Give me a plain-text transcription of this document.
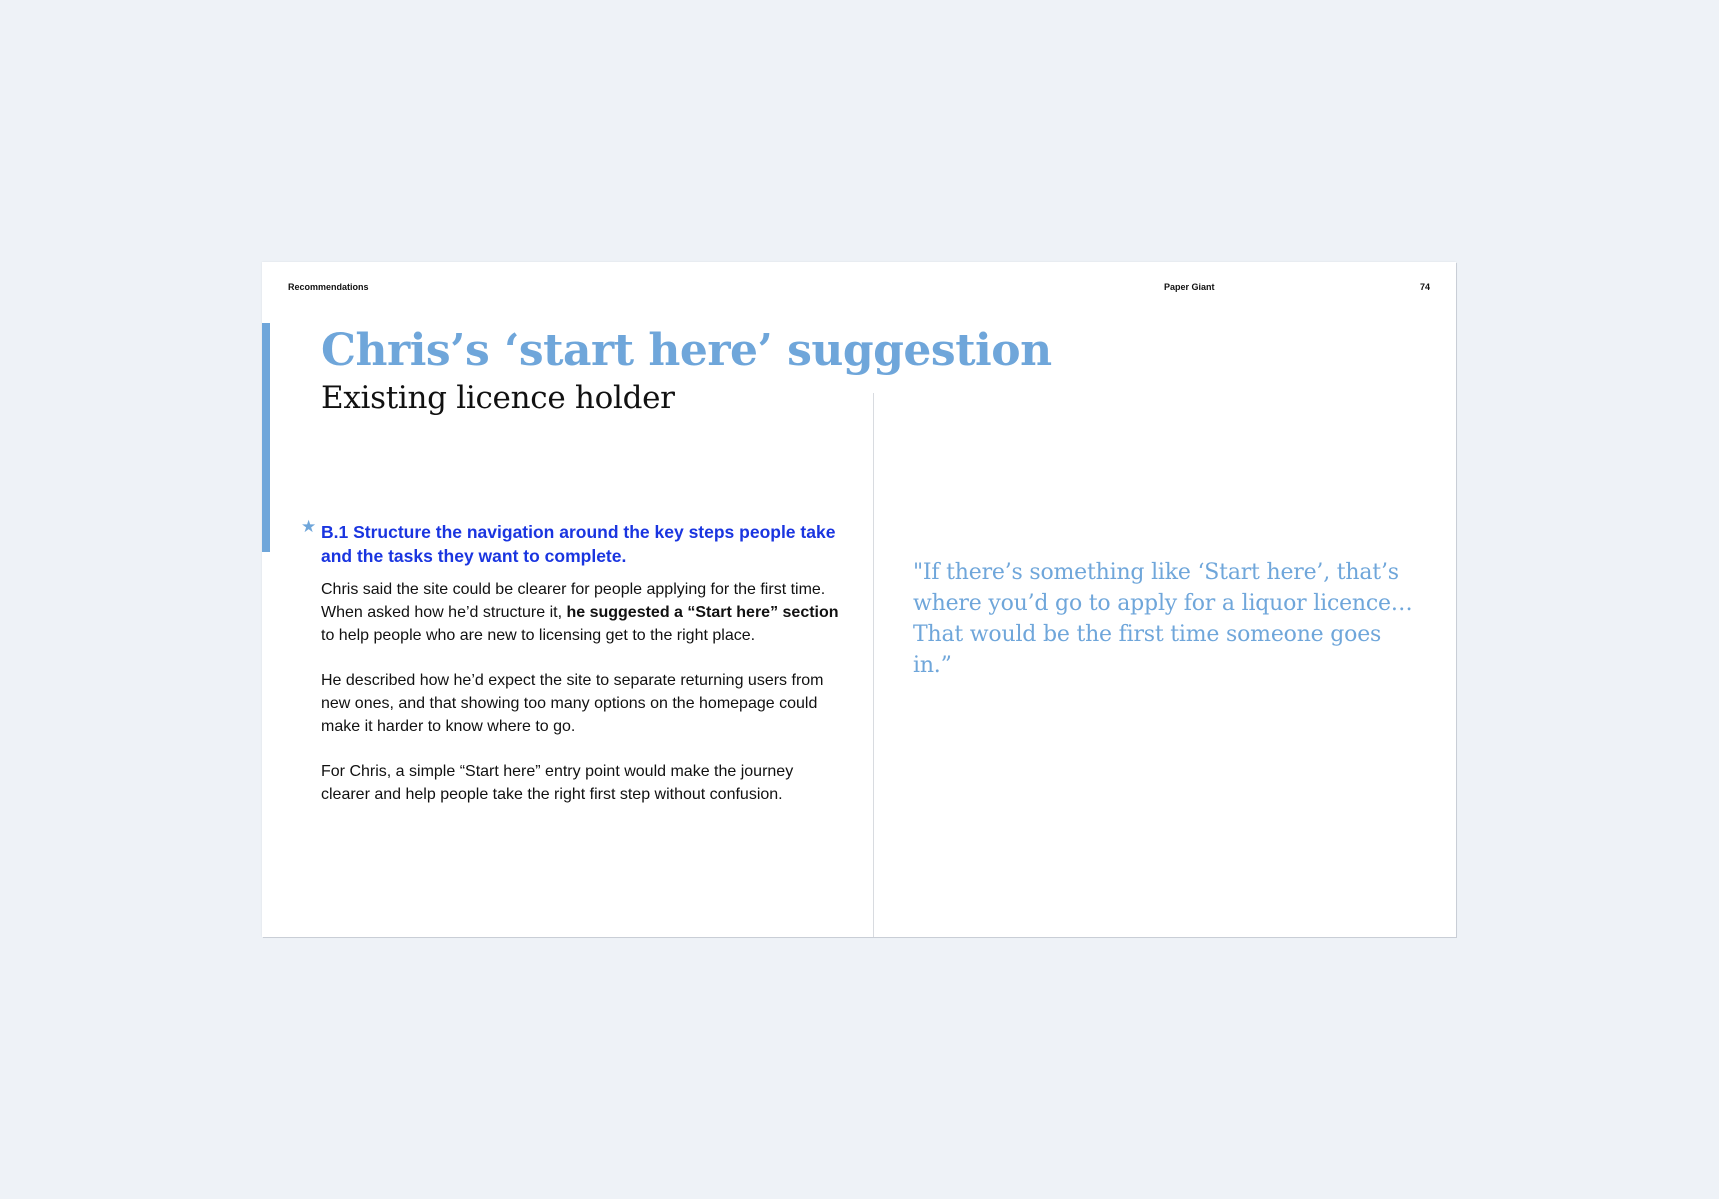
Recommendations	Paper Giant	74
Chris’s ‘start here’ suggestion
Existing licence holder
★ B.1 Structure the navigation around the key steps people take and the tasks they want to complete.

Chris said the site could be clearer for people applying for the first time. When asked how he’d structure it, he suggested a “Start here” section to help people who are new to licensing get to the right place.

He described how he’d expect the site to separate returning users from new ones, and that showing too many options on the homepage could make it harder to know where to go.

For Chris, a simple “Start here” entry point would make the journey clearer and help people take the right first step without confusion.

"If there’s something like ‘Start here’, that’s where you’d go to apply for a liquor licence… That would be the first time someone goes in.”
